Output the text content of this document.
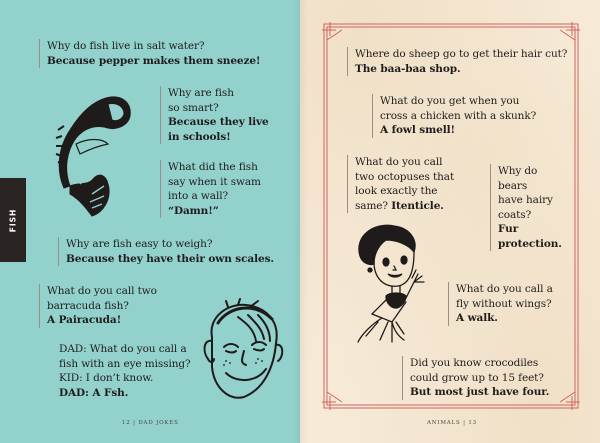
Why do fish live in salt water?
Because pepper makes them sneeze!
Why are fish
so smart?
Because they live
in schools!
What did the fish
say when it swam
into a wall?
“Damn!”
Why are fish easy to weigh?
Because they have their own scales.
What do you call two
barracuda fish?
A Pairacuda!
DAD: What do you call a
fish with an eye missing?
KID: I don’t know.
DAD: A Fsh.
FISH
12 | DAD JOKES
Where do sheep go to get their hair cut?
The baa-baa shop.
What do you get when you
cross a chicken with a skunk?
A fowl smell!
What do you call
two octopuses that
look exactly the
same? Itenticle.
Why do
bears
have hairy
coats?
Fur
protection.
What do you call a
fly without wings?
A walk.
Did you know crocodiles
could grow up to 15 feet?
But most just have four.
ANIMALS | 13
